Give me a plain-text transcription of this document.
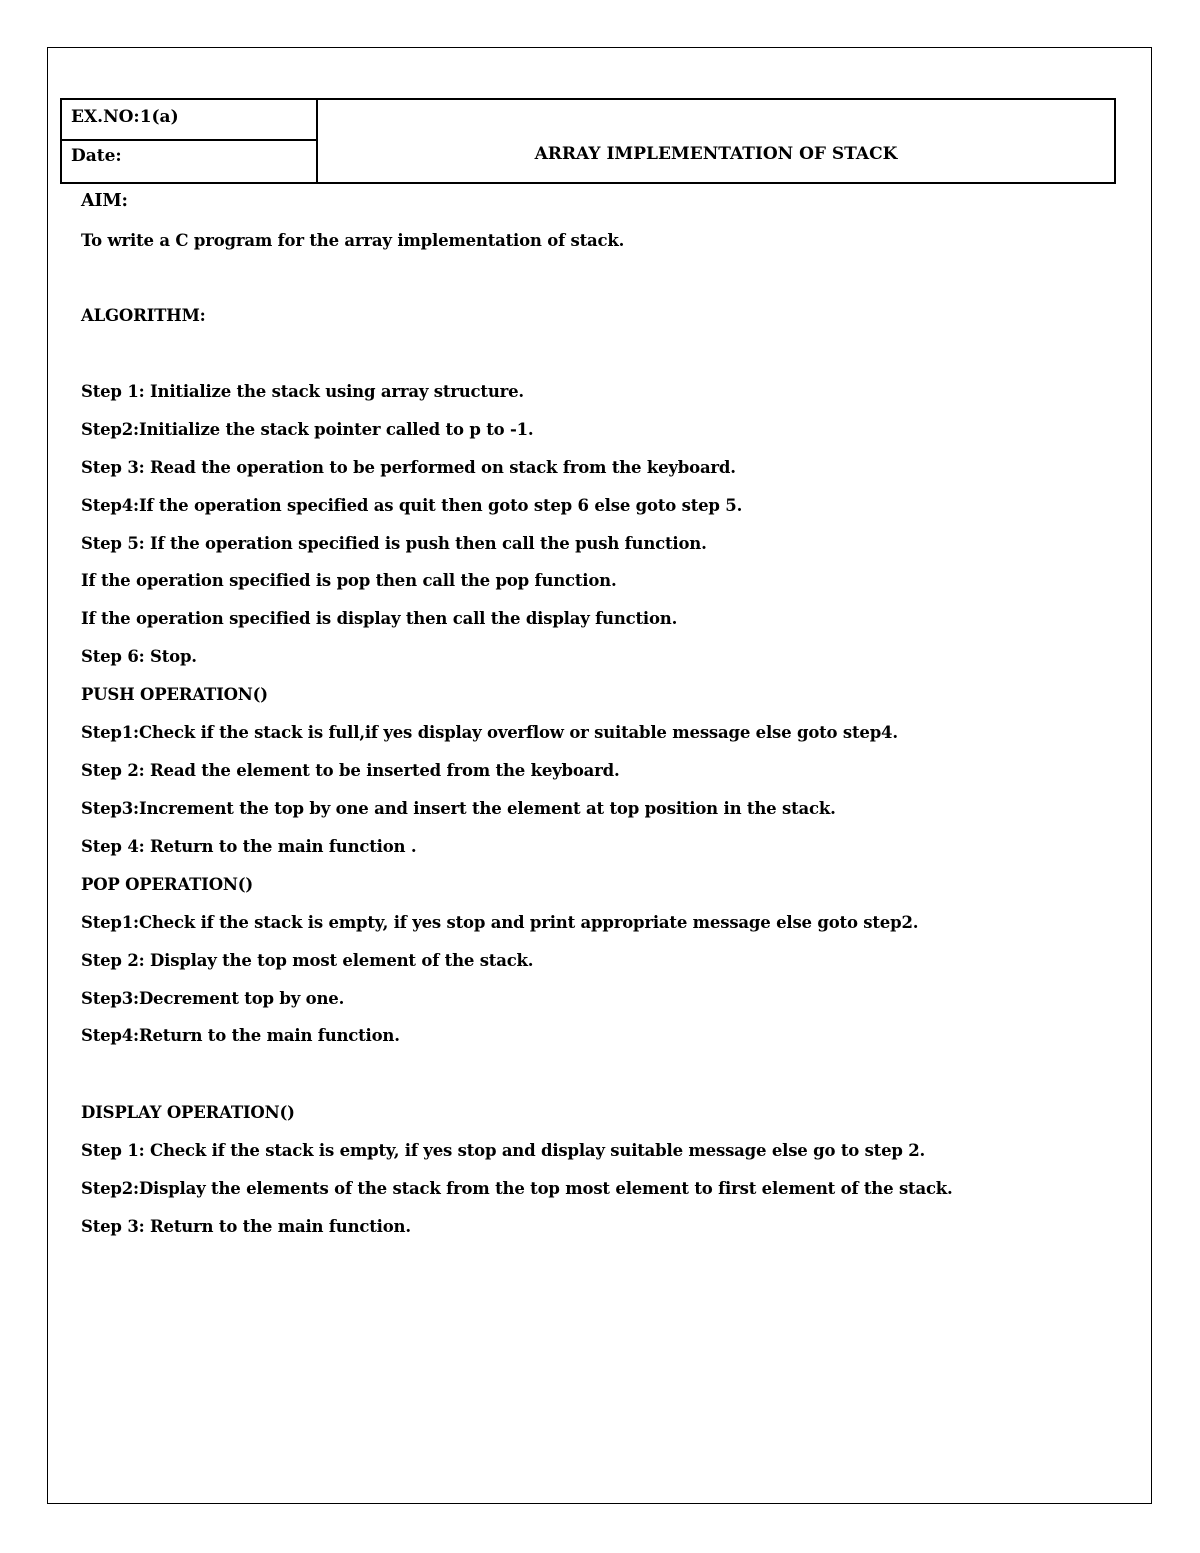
EX.NO:1(a)
Date:	ARRAY IMPLEMENTATION OF STACK
AIM:
To write a C program for the array implementation of stack.
ALGORITHM:
Step 1: Initialize the stack using array structure.
Step2:Initialize the stack pointer called to p to -1.
Step 3: Read the operation to be performed on stack from the keyboard.
Step4:If the operation specified as quit then goto step 6 else goto step 5.
Step 5: If the operation specified is push then call the push function.
If the operation specified is pop then call the pop function.
If the operation specified is display then call the display function.
Step 6: Stop.
PUSH OPERATION()
Step1:Check if the stack is full,if yes display overflow or suitable message else goto step4.
Step 2: Read the element to be inserted from the keyboard.
Step3:Increment the top by one and insert the element at top position in the stack.
Step 4: Return to the main function .
POP OPERATION()
Step1:Check if the stack is empty, if yes stop and print appropriate message else goto step2.
Step 2: Display the top most element of the stack.
Step3:Decrement top by one.
Step4:Return to the main function.
DISPLAY OPERATION()
Step 1: Check if the stack is empty, if yes stop and display suitable message else go to step 2.
Step2:Display the elements of the stack from the top most element to first element of the stack.
Step 3: Return to the main function.
